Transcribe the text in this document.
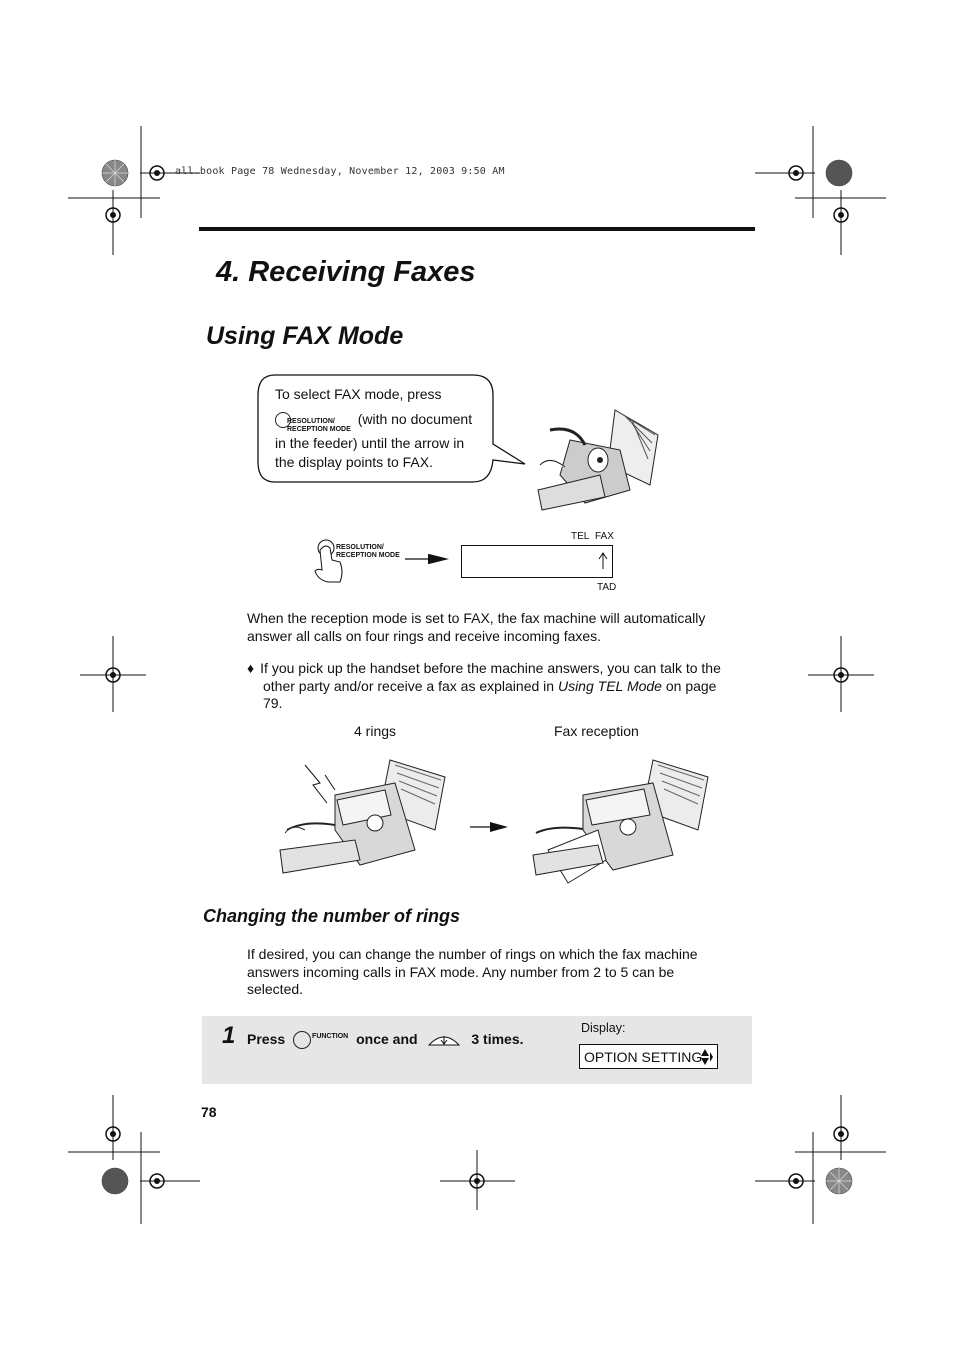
all.book Page 78 Wednesday, November 12, 2003 9:50 AM
4. Receiving Faxes
Using FAX Mode
To select FAX mode, press
RESOLUTION/
RECEPTION MODE (with no document
in the feeder) until the arrow in
the display points to FAX.
RESOLUTION/
RECEPTION MODE
TEL FAX
TAD
When the reception mode is set to FAX, the fax machine will automatically
answer all calls on four rings and receive incoming faxes.
♦ If you pick up the handset before the machine answers, you can talk to the
other party and/or receive a fax as explained in Using TEL Mode on page
79.
4 rings	Fax reception
Changing the number of rings
If desired, you can change the number of rings on which the fax machine
answers incoming calls in FAX mode. Any number from 2 to 5 can be
selected.
1 Press	FUNCTION once and	3 times.
Display:
OPTION SETTING
78
